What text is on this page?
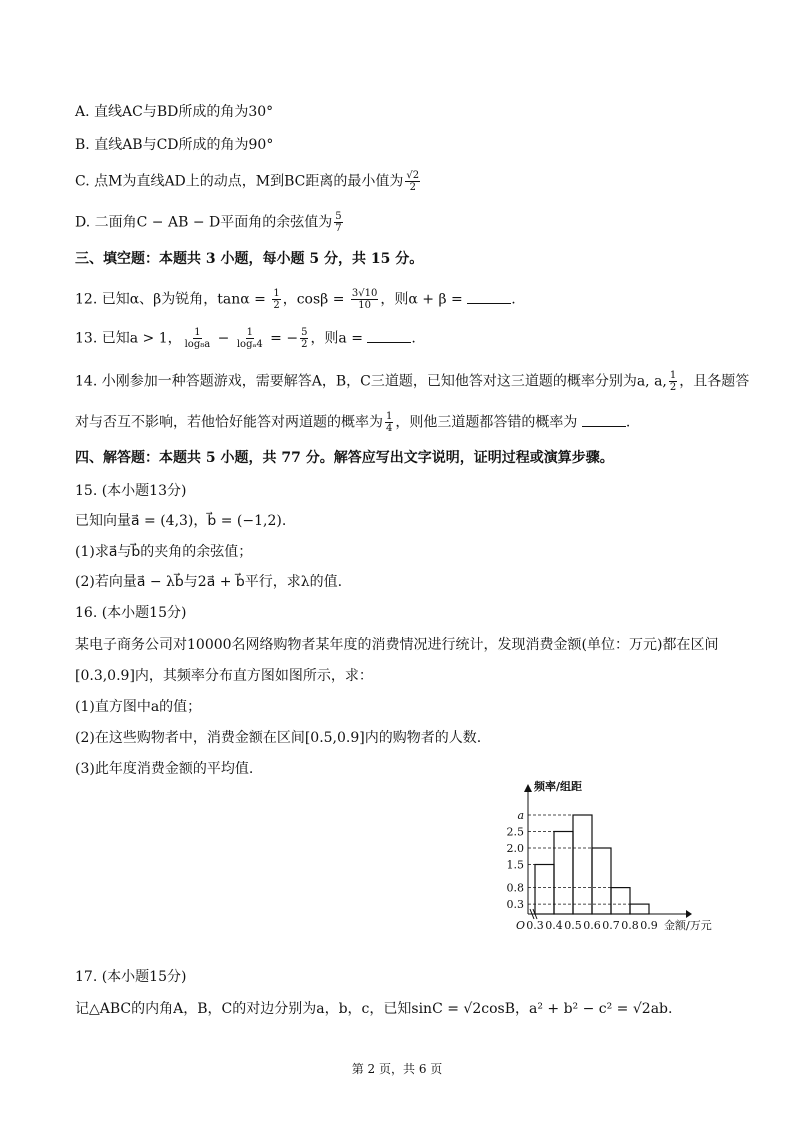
A. 直线AC与BD所成的角为30°
B. 直线AB与CD所成的角为90°
C. 点M为直线AD上的动点，M到BC距离的最小值为 $\frac{√2}{2}$
D. 二面角C − AB − D平面角的余弦值为 $\frac{5}{7}$
三、填空题：本题共 3 小题，每小题 5 分，共 15 分。
12. 已知α、β为锐角，$\tan\alpha = \frac{1}{2}$ ，$\cos\beta = \frac{3√10}{10}$ ，则α + β =	.
13. 已知a > 1， $\frac{1}{\text{log₈a}} - \frac{1}{\text{logₐ4}}$ = − $\frac{5}{2}$ ，则a =	.
14. 小刚参加一种答题游戏，需要解答A，B，C三道题，已知他答对这三道题的概率分别为a, a, $\frac{1}{2}$ ，且各题答
对与否互不影响，若他恰好能答对两道题的概率为 $\frac{1}{4}$ ，则他三道题都答错的概率为	.
四、解答题：本题共 5 小题，共 77 分。解答应写出文字说明，证明过程或演算步骤。
15. (本小题13分)
已知向量a⃗ = (4,3)，b⃗ = (−1,2).
(1)求a⃗与b⃗的夹角的余弦值；
(2)若向量a⃗ − λb⃗与2a⃗ + b⃗平行，求λ的值.
16. (本小题15分)
某电子商务公司对10000名网络购物者某年度的消费情况进行统计，发现消费金额(单位：万元)都在区间
[0.3,0.9]内，其频率分布直方图如图所示，求：
(1)直方图中a的值；
(2)在这些购物者中，消费金额在区间[0.5,0.9]内的购物者的人数.
(3)此年度消费金额的平均值.
1.5
2.5
a
2.0
0.8
0.3
0.3 0.4 0.5 0.6 0.7 0.8 0.9
O
频率/组距
金额/万元
17. (本小题15分)
记△ABC的内角A，B，C的对边分别为a，b，c，已知sinC = √2cosB，a² + b² − c² = √2ab.
第 2 页，共 6 页
